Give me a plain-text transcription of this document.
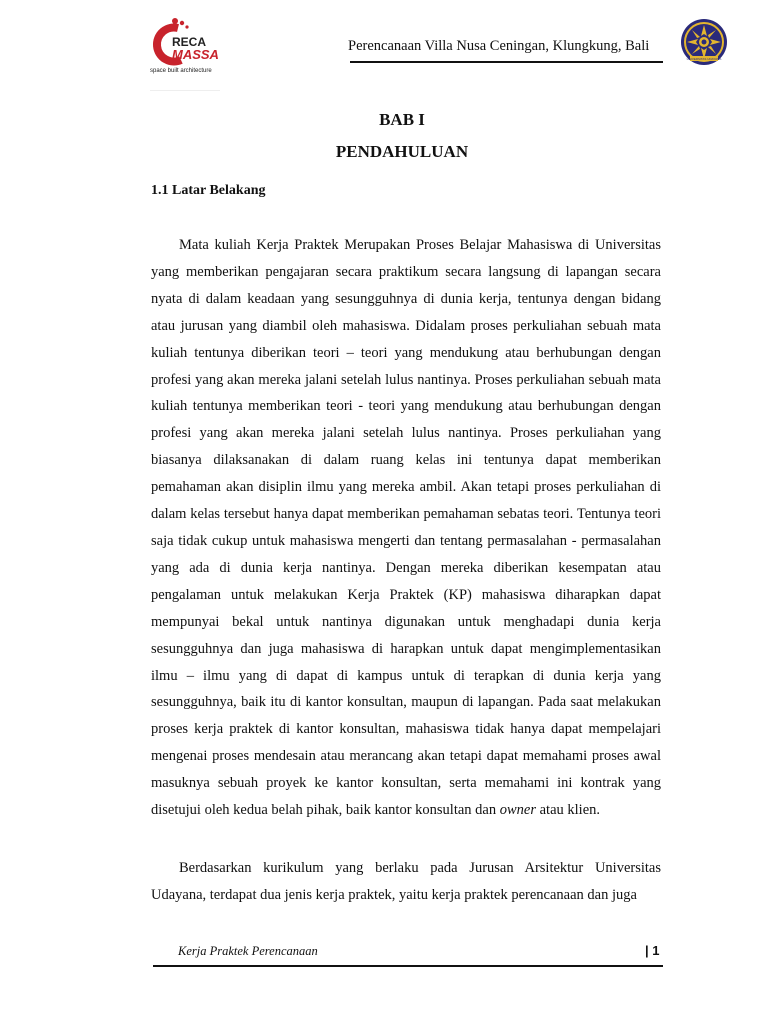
RECA
MASSA
space built architecture
Perencanaan Villa Nusa Ceningan, Klungkung, Bali
UNIVERSITAS UDAYANA
BAB I
PENDAHULUAN
1.1 Latar Belakang

Mata kuliah Kerja Praktek Merupakan Proses Belajar Mahasiswa di Universitas yang memberikan pengajaran secara praktikum secara langsung di lapangan secara nyata di dalam keadaan yang sesungguhnya di dunia kerja, tentunya dengan bidang atau jurusan yang diambil oleh mahasiswa. Didalam proses perkuliahan sebuah mata kuliah tentunya diberikan teori – teori yang mendukung atau berhubungan dengan profesi yang akan mereka jalani setelah lulus nantinya. Proses perkuliahan sebuah mata kuliah tentunya memberikan teori - teori yang mendukung atau berhubungan dengan profesi yang akan mereka jalani setelah lulus nantinya. Proses perkuliahan yang biasanya dilaksanakan di dalam ruang kelas ini tentunya dapat memberikan pemahaman akan disiplin ilmu yang mereka ambil. Akan tetapi proses perkuliahan di dalam kelas tersebut hanya dapat memberikan pemahaman sebatas teori. Tentunya teori saja tidak cukup untuk mahasiswa mengerti dan tentang permasalahan - permasalahan yang ada di dunia kerja nantinya. Dengan mereka diberikan kesempatan atau pengalaman untuk melakukan Kerja Praktek (KP) mahasiswa diharapkan dapat mempunyai bekal untuk nantinya digunakan untuk menghadapi dunia kerja sesungguhnya dan juga mahasiswa di harapkan untuk dapat mengimplementasikan ilmu – ilmu yang di dapat di kampus untuk di terapkan di dunia kerja yang sesungguhnya, baik itu di kantor konsultan, maupun di lapangan. Pada saat melakukan proses kerja praktek di kantor konsultan, mahasiswa tidak hanya dapat mempelajari mengenai proses mendesain atau merancang akan tetapi dapat memahami proses awal masuknya sebuah proyek ke kantor konsultan, serta memahami ini kontrak yang disetujui oleh kedua belah pihak, baik kantor konsultan dan owner atau klien.

Berdasarkan kurikulum yang berlaku pada Jurusan Arsitektur Universitas Udayana, terdapat dua jenis kerja praktek, yaitu kerja praktek perencanaan dan juga

Kerja Praktek Perencanaan	| 1
